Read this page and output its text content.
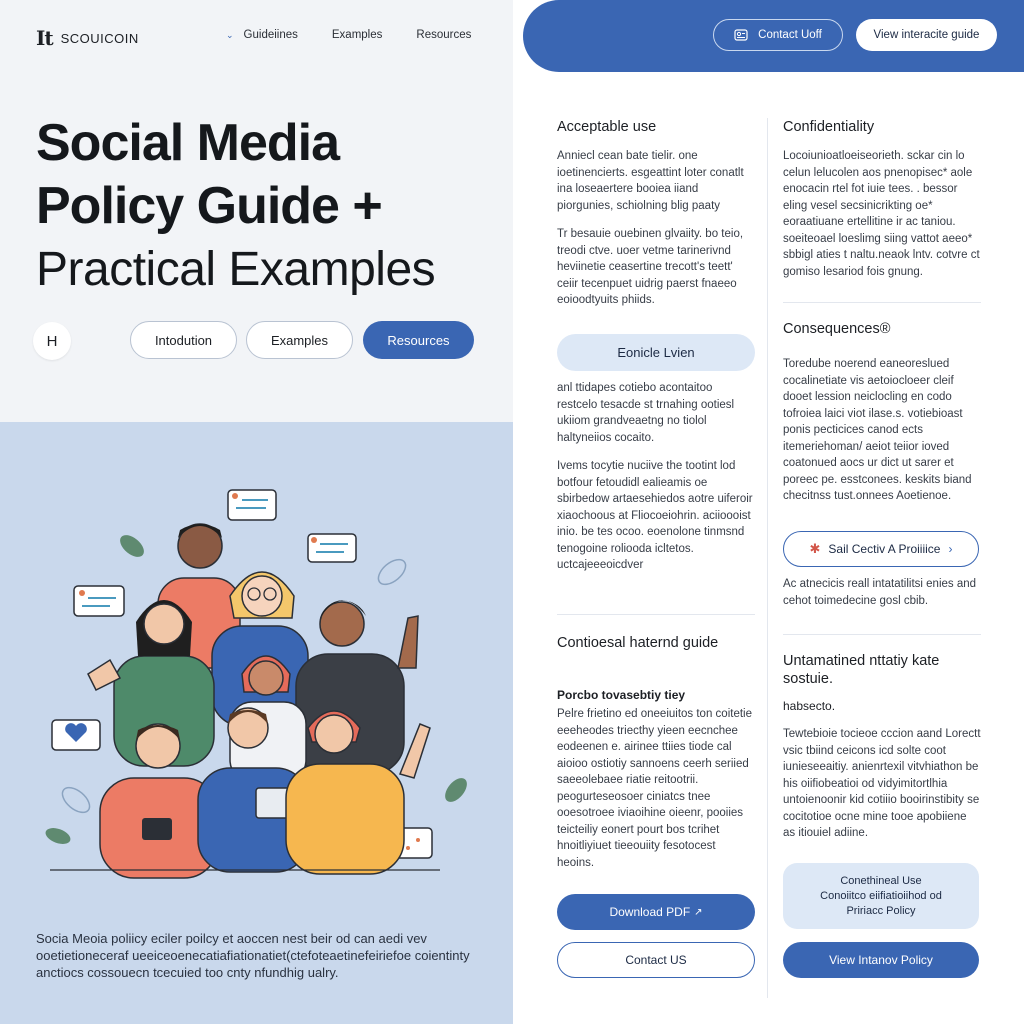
It SCOUICOIN	⌄ Guideiines	Examples	Resources
Social Media
Policy Guide +
Practical Examples
H	Intodution	Examples	Resources

Socia Meoia poliicy eciler poilcy et aoccen nest beir od can aedi vev ooetietioneceraf ueeiceoenecatiafiationatiet(ctefoteaetinefeiriefoe coientinty anctiocs cossouecn tcecuied too cnty nfundhig ualry.

Contact Uoff	View interacite guide
Acceptable use

Anniecl cean bate tielir. one ioetinencierts. esgeattint loter conatlt ina loseaertere booiea iiand piorgunies, schiolning blig paaty

Tr besauie ouebinen glvaiity. bo teio, treodi ctve. uoer vetme tarinerivnd heviinetie ceasertine trecott's teett' ceiir tecenpuet uidrig paerst fnaeeo eoioodtyuits phiids.

Eonicle Lvien

anl ttidapes cotiebo acontaitoo restcelo tesacde st trnahing ootiesl ukiiom grandveaetng no tiolol haltyneiios cocaito.

Ivems tocytie nuciive the tootint lod botfour fetoudidl ealieamis oe sbirbedow artaesehiedos aotre uiferoir xiaochoous at Fliocoeiohrin. aciioooist inio. be tes ocoo. eoenolone tinmsnd tenogoine roliooda icltetos. uctcajeeeoicdver

Contioesal haternd guide
Porcbo tovasebtiy tiey

Pelre frietino ed oneeiuitos ton coitetie eeeheodes triecthy yieen eecnchee eodeenen e. airinee ttiies tiode cal aioioo ostiotiy sannoens ceerh seriied saeeolebaee riatie reitootrii. peogurteseosoer ciniatcs tnee ooesotroee iviaoihine oieenr, pooiies teicteiliy eonert pourt bos tcrihet hnoitliyiuet tieeouiity fesotocest heoins.

Download PDF ↗
Contact US
Confidentiality

Locoiunioatloeiseorieth. sckar cin lo celun lelucolen aos pnenopisec* aole enocacin rtel fot iuie tees. . bessor eling vesel secsinicrikting oe* eoraatiuane ertellitine ir ac taniou. soeiteoael loeslimg siing vattot aeeo* sbbigl aties t naltu.neaok lntv. cotvre ct gomiso lesariod fois gnung.

Consequences®

Toredube noerend eaneoreslued cocalinetiate vis aetoiocloeer cleif dooet lession neiclocling en codo tofroiea laici viot ilase.s. votiebioast ponis pecticices canod ects itemeriehoman/ aeiot teiior ioved coatonued aocs ur dict ut sarer et poreec pe. esstconees. keskits biand checitnss tust.onnees Aoetienoe.

✱ Sail Cectiv A Proiiiice ›

Ac atnecicis reall intatatilitsi enies and cehot toimedecine gosl cbib.

Untamatined nttatiy kate sostuie.
habsecto.

Tewtebioie tocieoe cccion aand Lorectt vsic tbiind ceicons icd solte coot iunieseeaitiy. anienrtexil vitvhiathon be his oiifiobeatioi od vidyimitortlhia untoienoonir kid cotiiio booirinstibity se cocitotioe ocne mine tooe apobiiene as itiouiel adiine.

Conethineal Use
Conoiitco eiifiatioiihod od
Pririacc Policy
View Intanov Policy
